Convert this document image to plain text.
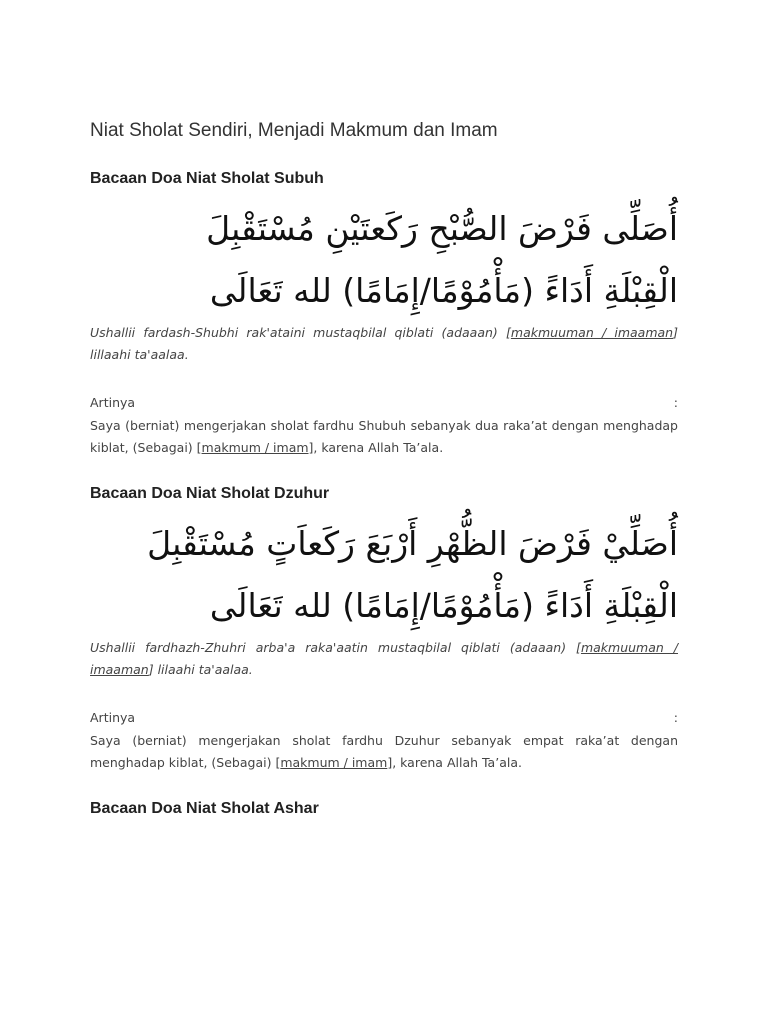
Niat Sholat Sendiri, Menjadi Makmum dan Imam
Bacaan Doa Niat Sholat Subuh
أُصَلِّى فَرْضَ الصُّبْحِ رَكَعتَيْنِ مُسْتَقْبِلَ
الْقِبْلَةِ أَدَاءً (مَأْمُوْمًا/إِمَامًا) لله تَعَالَى
Ushallii fardash-Shubhi rak'ataini mustaqbilal qiblati (adaaan) [makmuuman / imaaman] lillaahi ta'aalaa.
Artinya	:
Saya (berniat) mengerjakan sholat fardhu Shubuh sebanyak dua raka’at dengan menghadap kiblat, (Sebagai) [makmum / imam], karena Allah Ta’ala.
Bacaan Doa Niat Sholat Dzuhur
أُصَلِّيْ فَرْضَ الظُّهْرِ أَرْبَعَ رَكَعاَتٍ مُسْتَقْبِلَ
الْقِبْلَةِ أَدَاءً (مَأْمُوْمًا/إِمَامًا) لله تَعَالَى
Ushallii fardhazh-Zhuhri arba'a raka'aatin mustaqbilal qiblati (adaaan) [makmuuman / imaaman] lilaahi ta'aalaa.
Artinya	:
Saya (berniat) mengerjakan sholat fardhu Dzuhur sebanyak empat raka’at dengan menghadap kiblat, (Sebagai) [makmum / imam], karena Allah Ta’ala.
Bacaan Doa Niat Sholat Ashar
